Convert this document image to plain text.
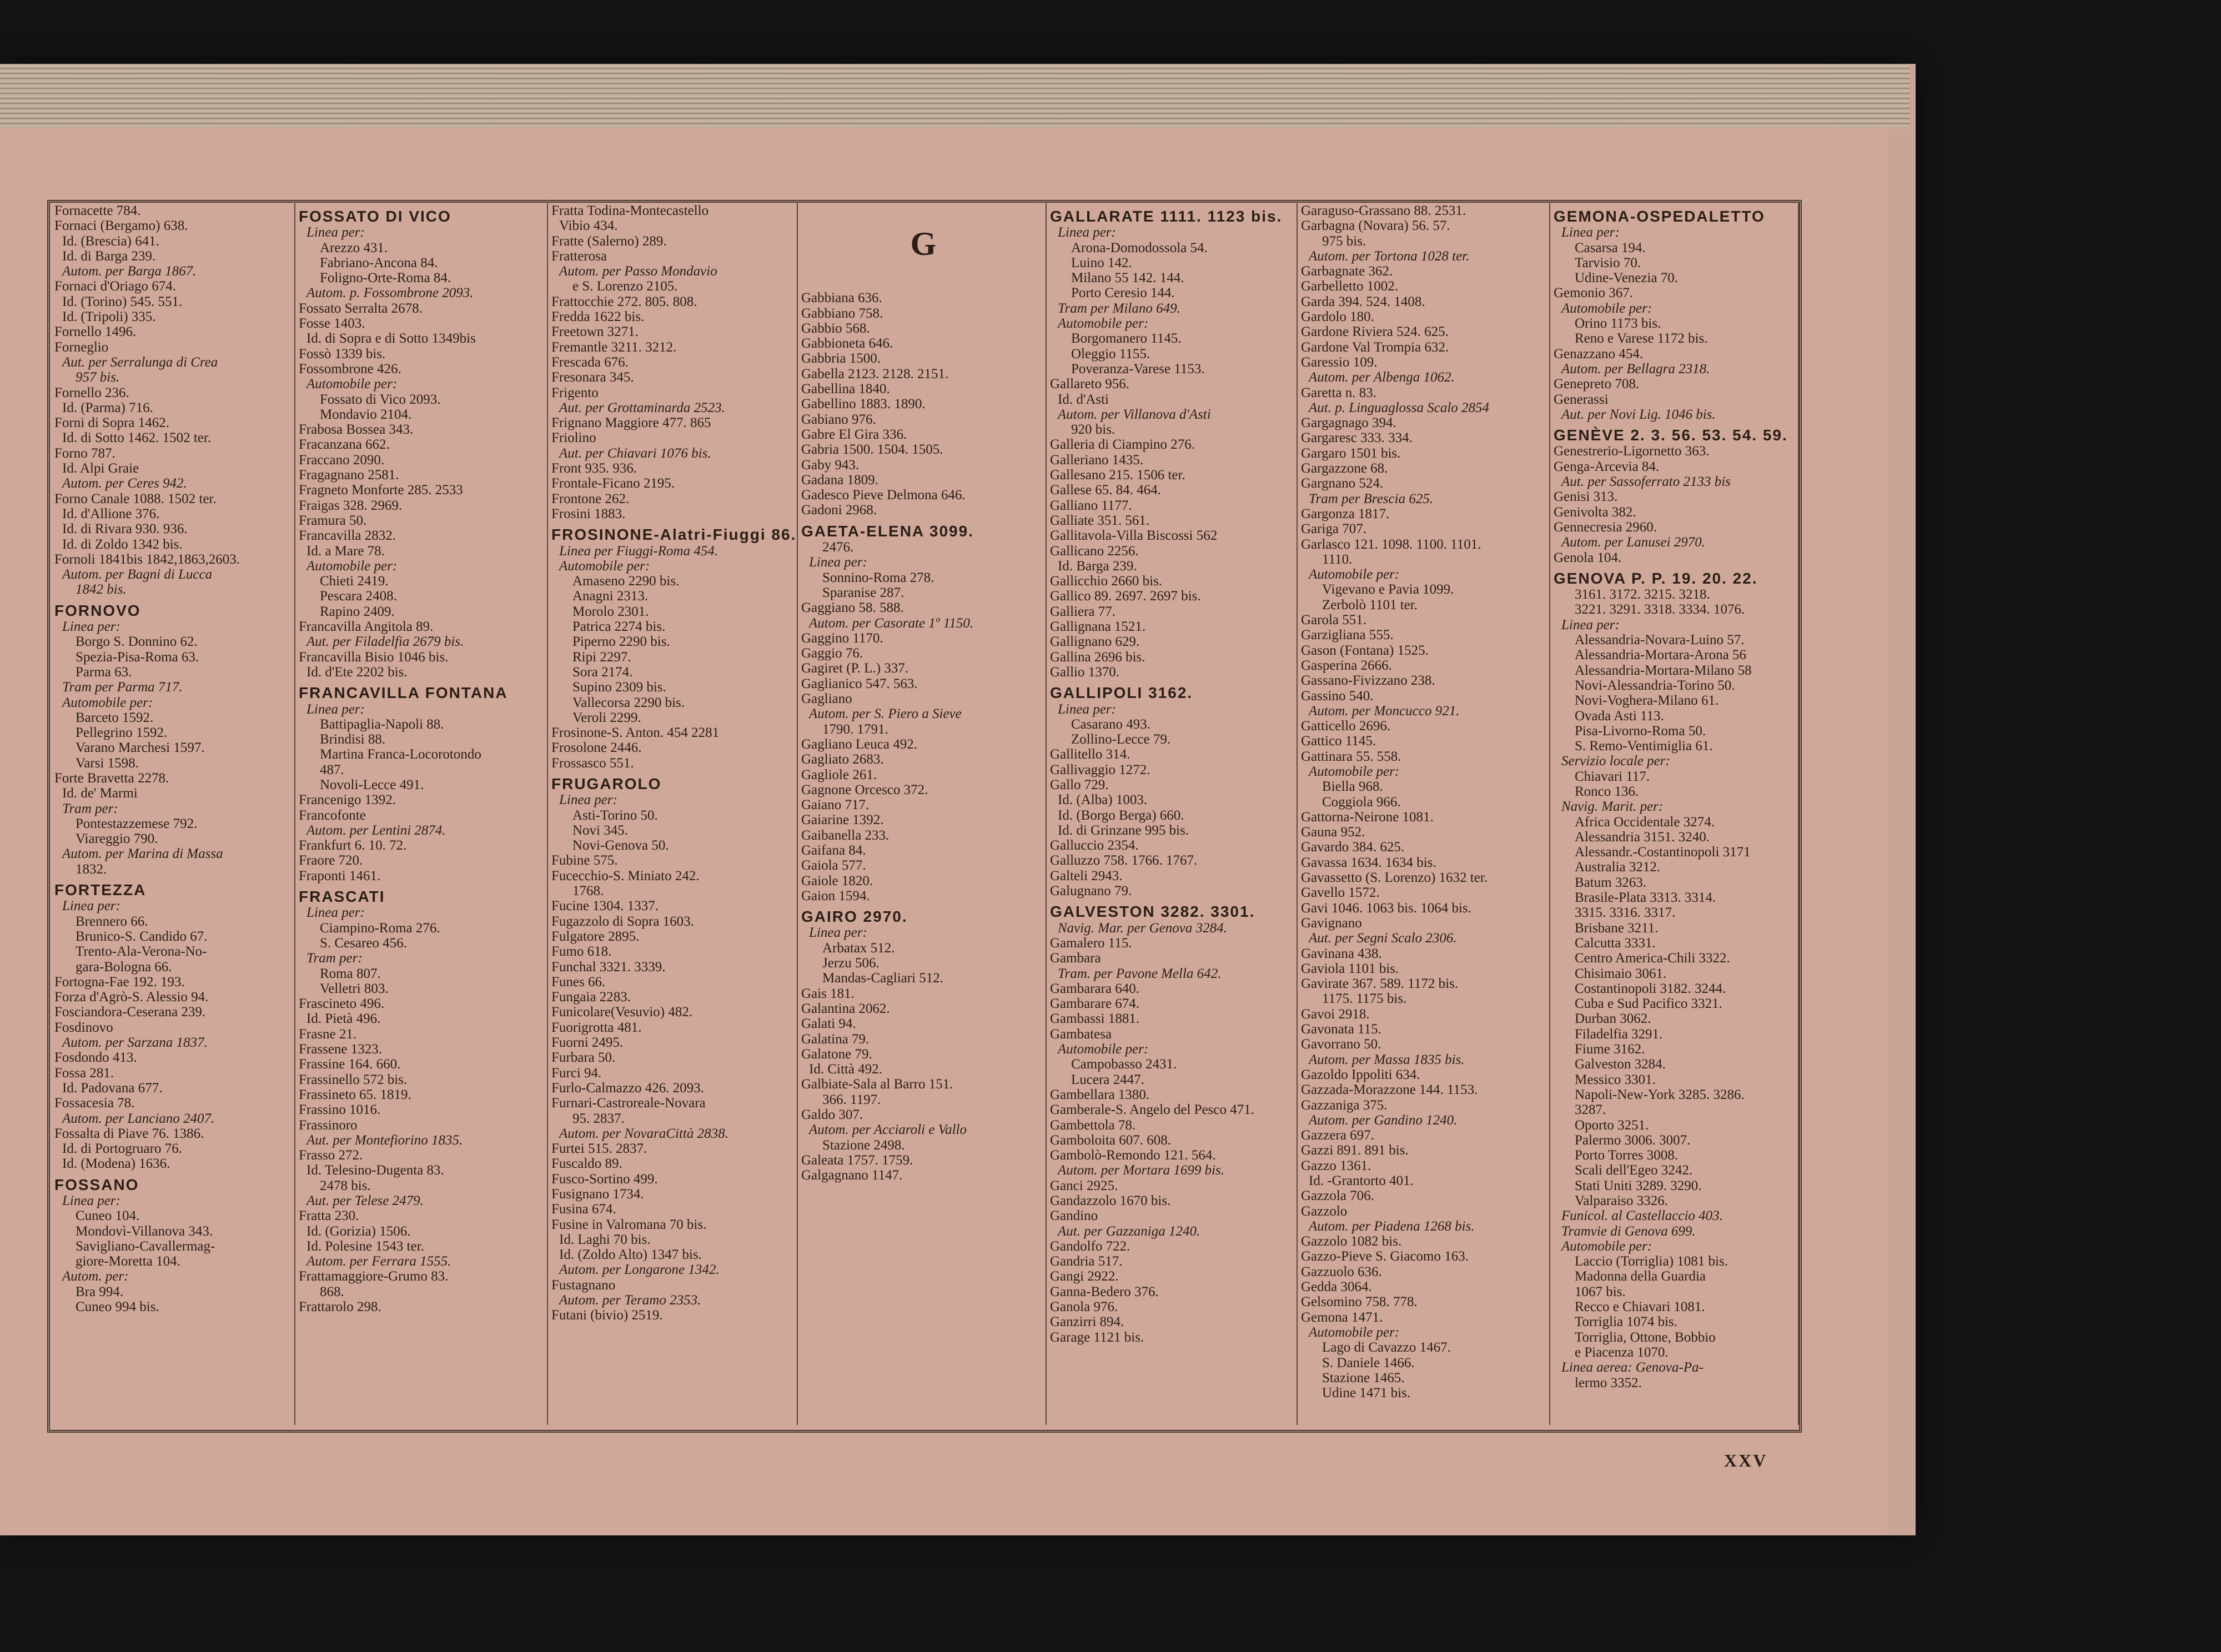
Fornacette 784.
Fornaci (Bergamo) 638.
Id. (Brescia) 641.
Id. di Barga 239.
Autom. per Barga 1867.
Fornaci d'Oriago 674.
Id. (Torino) 545. 551.
Id. (Tripoli) 335.
Fornello 1496.
Forneglio
Aut. per Serralunga di Crea
957 bis.
Fornello 236.
Id. (Parma) 716.
Forni di Sopra 1462.
Id. di Sotto 1462. 1502 ter.
Forno 787.
Id. Alpi Graie
Autom. per Ceres 942.
Forno Canale 1088. 1502 ter.
Id. d'Allione 376.
Id. di Rivara 930. 936.
Id. di Zoldo 1342 bis.
Fornoli 1841bis 1842,1863,2603.
Autom. per Bagni di Lucca
1842 bis.
FORNOVO
Linea per:
Borgo S. Donnino 62.
Spezia-Pisa-Roma 63.
Parma 63.
Tram per Parma 717.
Automobile per:
Barceto 1592.
Pellegrino 1592.
Varano Marchesi 1597.
Varsi 1598.
Forte Bravetta 2278.
Id. de' Marmi
Tram per:
Pontestazzemese 792.
Viareggio 790.
Autom. per Marina di Massa
1832.
FORTEZZA
Linea per:
Brennero 66.
Brunico-S. Candido 67.
Trento-Ala-Verona-No-
gara-Bologna 66.
Fortogna-Fae 192. 193.
Forza d'Agrò-S. Alessio 94.
Fosciandora-Ceserana 239.
Fosdinovo
Autom. per Sarzana 1837.
Fosdondo 413.
Fossa 281.
Id. Padovana 677.
Fossacesia 78.
Autom. per Lanciano 2407.
Fossalta di Piave 76. 1386.
Id. di Portogruaro 76.
Id. (Modena) 1636.
FOSSANO
Linea per:
Cuneo 104.
Mondovì-Villanova 343.
Savigliano-Cavallermag-
giore-Moretta 104.
Autom. per:
Bra 994.
Cuneo 994 bis.
FOSSATO DI VICO
Linea per:
Arezzo 431.
Fabriano-Ancona 84.
Foligno-Orte-Roma 84.
Autom. p. Fossombrone 2093.
Fossato Serralta 2678.
Fosse 1403.
Id. di Sopra e di Sotto 1349bis
Fossò 1339 bis.
Fossombrone 426.
Automobile per:
Fossato di Vico 2093.
Mondavio 2104.
Frabosa Bossea 343.
Fracanzana 662.
Fraccano 2090.
Fragagnano 2581.
Fragneto Monforte 285. 2533
Fraigas 328. 2969.
Framura 50.
Francavilla 2832.
Id. a Mare 78.
Automobile per:
Chieti 2419.
Pescara 2408.
Rapino 2409.
Francavilla Angitola 89.
Aut. per Filadelfia 2679 bis.
Francavilla Bisio 1046 bis.
Id. d'Ete 2202 bis.
FRANCAVILLA FONTANA
Linea per:
Battipaglia-Napoli 88.
Brindisi 88.
Martina Franca-Locorotondo
487.
Novoli-Lecce 491.
Francenigo 1392.
Francofonte
Autom. per Lentini 2874.
Frankfurt 6. 10. 72.
Fraore 720.
Fraponti 1461.
FRASCATI
Linea per:
Ciampino-Roma 276.
S. Cesareo 456.
Tram per:
Roma 807.
Velletri 803.
Frascineto 496.
Id. Pietà 496.
Frasne 21.
Frassene 1323.
Frassine 164. 660.
Frassinello 572 bis.
Frassineto 65. 1819.
Frassino 1016.
Frassinoro
Aut. per Montefiorino 1835.
Frasso 272.
Id. Telesino-Dugenta 83.
2478 bis.
Aut. per Telese 2479.
Fratta 230.
Id. (Gorizia) 1506.
Id. Polesine 1543 ter.
Autom. per Ferrara 1555.
Frattamaggiore-Grumo 83.
868.
Frattarolo 298.
Fratta Todina-Montecastello
Vibio 434.
Fratte (Salerno) 289.
Fratterosa
Autom. per Passo Mondavio
e S. Lorenzo 2105.
Frattocchie 272. 805. 808.
Fredda 1622 bis.
Freetown 3271.
Fremantle 3211. 3212.
Frescada 676.
Fresonara 345.
Frigento
Aut. per Grottaminarda 2523.
Frignano Maggiore 477. 865
Friolino
Aut. per Chiavari 1076 bis.
Front 935. 936.
Frontale-Ficano 2195.
Frontone 262.
Frosini 1883.
FROSINONE-Alatri-Fiuggi 86.
Linea per Fiuggi-Roma 454.
Automobile per:
Amaseno 2290 bis.
Anagni 2313.
Morolo 2301.
Patrica 2274 bis.
Piperno 2290 bis.
Ripi 2297.
Sora 2174.
Supino 2309 bis.
Vallecorsa 2290 bis.
Veroli 2299.
Frosinone-S. Anton. 454 2281
Frosolone 2446.
Frossasco 551.
FRUGAROLO
Linea per:
Asti-Torino 50.
Novi 345.
Novi-Genova 50.
Fubine 575.
Fucecchio-S. Miniato 242.
1768.
Fucine 1304. 1337.
Fugazzolo di Sopra 1603.
Fulgatore 2895.
Fumo 618.
Funchal 3321. 3339.
Funes 66.
Fungaia 2283.
Funicolare(Vesuvio) 482.
Fuorigrotta 481.
Fuorni 2495.
Furbara 50.
Furci 94.
Furlo-Calmazzo 426. 2093.
Furnari-Castroreale-Novara
95. 2837.
Autom. per NovaraCittà 2838.
Furtei 515. 2837.
Fuscaldo 89.
Fusco-Sortino 499.
Fusignano 1734.
Fusina 674.
Fusine in Valromana 70 bis.
Id. Laghi 70 bis.
Id. (Zoldo Alto) 1347 bis.
Autom. per Longarone 1342.
Fustagnano
Autom. per Teramo 2353.
Futani (bivio) 2519.
G
Gabbiana 636.
Gabbiano 758.
Gabbio 568.
Gabbioneta 646.
Gabbria 1500.
Gabella 2123. 2128. 2151.
Gabellina 1840.
Gabellino 1883. 1890.
Gabiano 976.
Gabre El Gira 336.
Gabria 1500. 1504. 1505.
Gaby 943.
Gadana 1809.
Gadesco Pieve Delmona 646.
Gadoni 2968.
GAETA-ELENA 3099.
2476.
Linea per:
Sonnino-Roma 278.
Sparanise 287.
Gaggiano 58. 588.
Autom. per Casorate 1º 1150.
Gaggino 1170.
Gaggio 76.
Gagiret (P. L.) 337.
Gaglianico 547. 563.
Gagliano
Autom. per S. Piero a Sieve
1790. 1791.
Gagliano Leuca 492.
Gagliato 2683.
Gagliole 261.
Gagnone Orcesco 372.
Gaiano 717.
Gaiarine 1392.
Gaibanella 233.
Gaifana 84.
Gaiola 577.
Gaiole 1820.
Gaion 1594.
GAIRO 2970.
Linea per:
Arbatax 512.
Jerzu 506.
Mandas-Cagliari 512.
Gais 181.
Galantina 2062.
Galati 94.
Galatina 79.
Galatone 79.
Id. Città 492.
Galbiate-Sala al Barro 151.
366. 1197.
Galdo 307.
Autom. per Acciaroli e Vallo
Stazione 2498.
Galeata 1757. 1759.
Galgagnano 1147.
GALLARATE 1111. 1123 bis.
Linea per:
Arona-Domodossola 54.
Luino 142.
Milano 55 142. 144.
Porto Ceresio 144.
Tram per Milano 649.
Automobile per:
Borgomanero 1145.
Oleggio 1155.
Poveranza-Varese 1153.
Gallareto 956.
Id. d'Asti
Autom. per Villanova d'Asti
920 bis.
Galleria di Ciampino 276.
Galleriano 1435.
Gallesano 215. 1506 ter.
Gallese 65. 84. 464.
Galliano 1177.
Galliate 351. 561.
Gallitavola-Villa Biscossi 562
Gallicano 2256.
Id. Barga 239.
Gallicchio 2660 bis.
Gallico 89. 2697. 2697 bis.
Galliera 77.
Gallignana 1521.
Gallignano 629.
Gallina 2696 bis.
Gallio 1370.
GALLIPOLI 3162.
Linea per:
Casarano 493.
Zollino-Lecce 79.
Gallitello 314.
Gallivaggio 1272.
Gallo 729.
Id. (Alba) 1003.
Id. (Borgo Berga) 660.
Id. di Grinzane 995 bis.
Galluccio 2354.
Galluzzo 758. 1766. 1767.
Galteli 2943.
Galugnano 79.
GALVESTON 3282. 3301.
Navig. Mar. per Genova 3284.
Gamalero 115.
Gambara
Tram. per Pavone Mella 642.
Gambarara 640.
Gambarare 674.
Gambassi 1881.
Gambatesa
Automobile per:
Campobasso 2431.
Lucera 2447.
Gambellara 1380.
Gamberale-S. Angelo del Pesco 471.
Gambettola 78.
Gamboloita 607. 608.
Gambolò-Remondo 121. 564.
Autom. per Mortara 1699 bis.
Ganci 2925.
Gandazzolo 1670 bis.
Gandino
Aut. per Gazzaniga 1240.
Gandolfo 722.
Gandria 517.
Gangi 2922.
Ganna-Bedero 376.
Ganola 976.
Ganzirri 894.
Garage 1121 bis.
Garaguso-Grassano 88. 2531.
Garbagna (Novara) 56. 57.
975 bis.
Autom. per Tortona 1028 ter.
Garbagnate 362.
Garbelletto 1002.
Garda 394. 524. 1408.
Gardolo 180.
Gardone Riviera 524. 625.
Gardone Val Trompia 632.
Garessio 109.
Autom. per Albenga 1062.
Garetta n. 83.
Aut. p. Linguaglossa Scalo 2854
Gargagnago 394.
Gargaresc 333. 334.
Gargaro 1501 bis.
Gargazzone 68.
Gargnano 524.
Tram per Brescia 625.
Gargonza 1817.
Gariga 707.
Garlasco 121. 1098. 1100. 1101.
1110.
Automobile per:
Vigevano e Pavia 1099.
Zerbolò 1101 ter.
Garola 551.
Garzigliana 555.
Gason (Fontana) 1525.
Gasperina 2666.
Gassano-Fivizzano 238.
Gassino 540.
Autom. per Moncucco 921.
Gatticello 2696.
Gattico 1145.
Gattinara 55. 558.
Automobile per:
Biella 968.
Coggiola 966.
Gattorna-Neirone 1081.
Gauna 952.
Gavardo 384. 625.
Gavassa 1634. 1634 bis.
Gavassetto (S. Lorenzo) 1632 ter.
Gavello 1572.
Gavi 1046. 1063 bis. 1064 bis.
Gavignano
Aut. per Segni Scalo 2306.
Gavinana 438.
Gaviola 1101 bis.
Gavirate 367. 589. 1172 bis.
1175. 1175 bis.
Gavoi 2918.
Gavonata 115.
Gavorrano 50.
Autom. per Massa 1835 bis.
Gazoldo Ippoliti 634.
Gazzada-Morazzone 144. 1153.
Gazzaniga 375.
Autom. per Gandino 1240.
Gazzera 697.
Gazzi 891. 891 bis.
Gazzo 1361.
Id. -Grantorto 401.
Gazzola 706.
Gazzolo
Autom. per Piadena 1268 bis.
Gazzolo 1082 bis.
Gazzo-Pieve S. Giacomo 163.
Gazzuolo 636.
Gedda 3064.
Gelsomino 758. 778.
Gemona 1471.
Automobile per:
Lago di Cavazzo 1467.
S. Daniele 1466.
Stazione 1465.
Udine 1471 bis.
GEMONA-OSPEDALETTO
Linea per:
Casarsa 194.
Tarvisio 70.
Udine-Venezia 70.
Gemonio 367.
Automobile per:
Orino 1173 bis.
Reno e Varese 1172 bis.
Genazzano 454.
Autom. per Bellagra 2318.
Genepreto 708.
Generassi
Aut. per Novi Lig. 1046 bis.
GENÈVE 2. 3. 56. 53. 54. 59.
Genestrerio-Ligornetto 363.
Genga-Arcevia 84.
Aut. per Sassoferrato 2133 bis
Genisi 313.
Genivolta 382.
Gennecresia 2960.
Autom. per Lanusei 2970.
Genola 104.
GENOVA P. P. 19. 20. 22.
3161. 3172. 3215. 3218.
3221. 3291. 3318. 3334. 1076.
Linea per:
Alessandria-Novara-Luino 57.
Alessandria-Mortara-Arona 56
Alessandria-Mortara-Milano 58
Novi-Alessandria-Torino 50.
Novi-Voghera-Milano 61.
Ovada Asti 113.
Pisa-Livorno-Roma 50.
S. Remo-Ventimiglia 61.
Servizio locale per:
Chiavari 117.
Ronco 136.
Navig. Marit. per:
Africa Occidentale 3274.
Alessandria 3151. 3240.
Alessandr.-Costantinopoli 3171
Australia 3212.
Batum 3263.
Brasile-Plata 3313. 3314.
3315. 3316. 3317.
Brisbane 3211.
Calcutta 3331.
Centro America-Chili 3322.
Chisimaio 3061.
Costantinopoli 3182. 3244.
Cuba e Sud Pacifico 3321.
Durban 3062.
Filadelfia 3291.
Fiume 3162.
Galveston 3284.
Messico 3301.
Napoli-New-York 3285. 3286.
3287.
Oporto 3251.
Palermo 3006. 3007.
Porto Torres 3008.
Scali dell'Egeo 3242.
Stati Uniti 3289. 3290.
Valparaiso 3326.
Funicol. al Castellaccio 403.
Tramvie di Genova 699.
Automobile per:
Laccio (Torriglia) 1081 bis.
Madonna della Guardia
1067 bis.
Recco e Chiavari 1081.
Torriglia 1074 bis.
Torriglia, Ottone, Bobbio
e Piacenza 1070.
Linea aerea: Genova-Pa-
lermo 3352.
XXV
